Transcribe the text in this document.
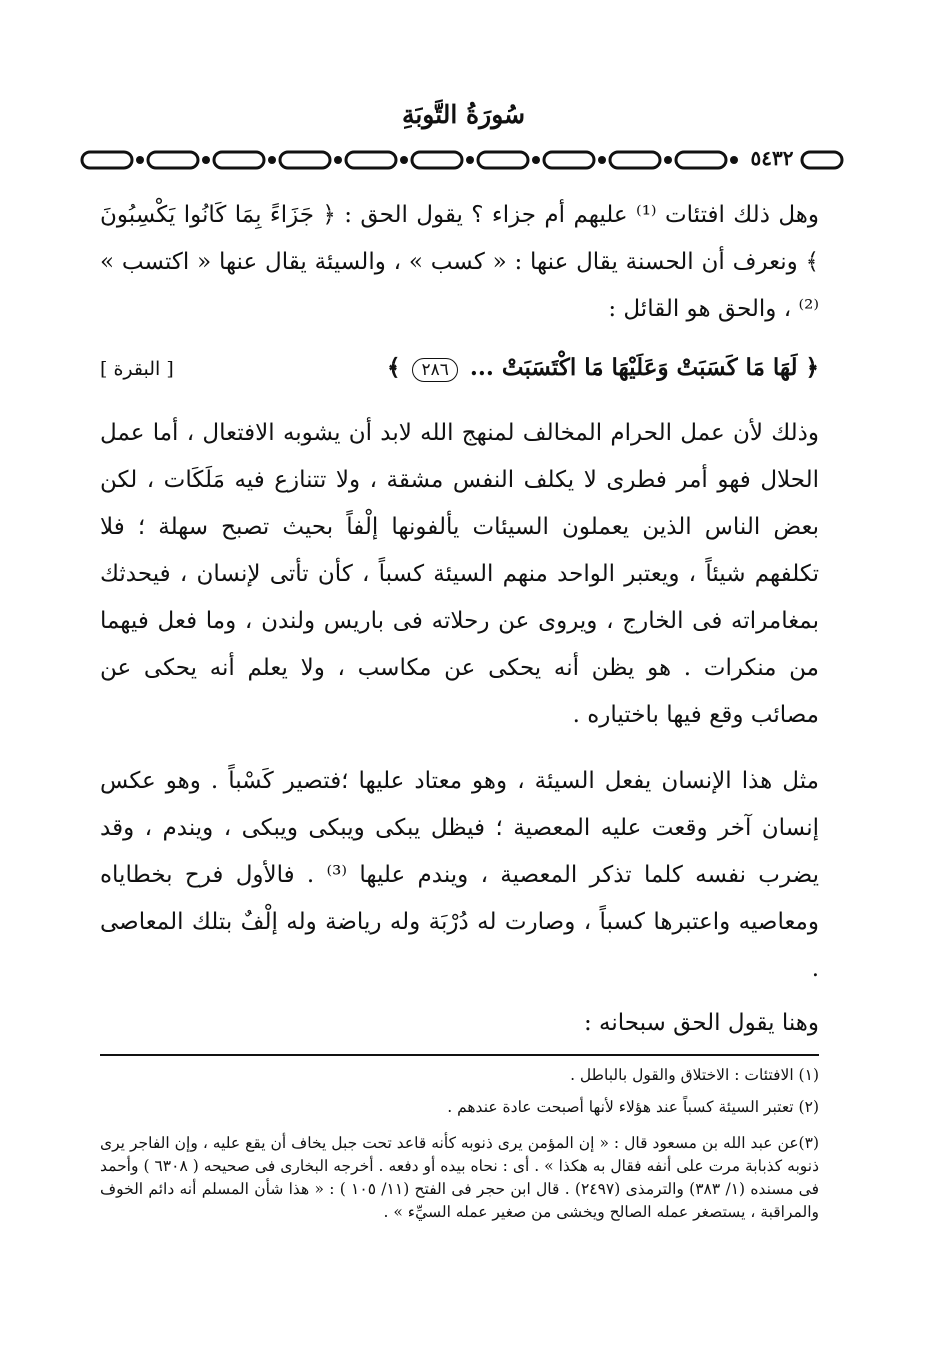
سُورَةُ التَّوبَةِ
٥٤٣٢

وهل ذلك افتئات ⁽¹⁾ عليهم أم جزاء ؟ يقول الحق : ﴿ جَزَاءً بِمَا كَانُوا يَكْسِبُونَ ﴾ ونعرف أن الحسنة يقال عنها : « كسب » ، والسيئة يقال عنها « اكتسب » ⁽²⁾ ، والحق هو القائل :

﴿ لَهَا مَا كَسَبَتْ وَعَلَيْهَا مَا اكْتَسَبَتْ ... ٢٨٦ ﴾
[ البقرة ]

وذلك لأن عمل الحرام المخالف لمنهج الله لابد أن يشوبه الافتعال ، أما عمل الحلال فهو أمر فطرى لا يكلف النفس مشقة ، ولا تتنازع فيه مَلَكَات ، لكن بعض الناس الذين يعملون السيئات يألفونها إلْفاً بحيث تصبح سهلة ؛ فلا تكلفهم شيئاً ، ويعتبر الواحد منهم السيئة كسباً ، كأن تأتى لإنسان ، فيحدثك بمغامراته فى الخارج ، ويروى عن رحلاته فى باريس ولندن ، وما فعل فيهما من منكرات . هو يظن أنه يحكى عن مكاسب ، ولا يعلم أنه يحكى عن مصائب وقع فيها باختياره .

مثل هذا الإنسان يفعل السيئة ، وهو معتاد عليها ؛فتصير كَسْباً . وهو عكس إنسان آخر وقعت عليه المعصية ؛ فيظل يبكى ويبكى ويبكى ، ويندم ، وقد يضرب نفسه كلما تذكر المعصية ، ويندم عليها ⁽³⁾ . فالأول فرح بخطاياه ومعاصيه واعتبرها كسباً ، وصارت له دُرْبَة وله رياضة وله إلْفٌ بتلك المعاصى .

وهنا يقول الحق سبحانه :

(١) الافتئات : الاختلاق والقول بالباطل .
(٢) تعتبر السيئة كسباً عند هؤلاء لأنها أصبحت عادة عندهم .
(٣)عن عبد الله بن مسعود قال : « إن المؤمن يرى ذنوبه كأنه قاعد تحت جبل يخاف أن يقع عليه ، وإن الفاجر يرى ذنوبه كذبابة مرت على أنفه فقال به هكذا » . أى : نحاه بيده أو دفعه . أخرجه البخارى فى صحيحه ( ٦٣٠٨ ) وأحمد فى مسنده (١/ ٣٨٣) والترمذى (٢٤٩٧) . قال ابن حجر فى الفتح (١١/ ١٠٥ ) : « هذا شأن المسلم أنه دائم الخوف والمراقبة ، يستصغر عمله الصالح ويخشى من صغير عمله السيِّء » .
